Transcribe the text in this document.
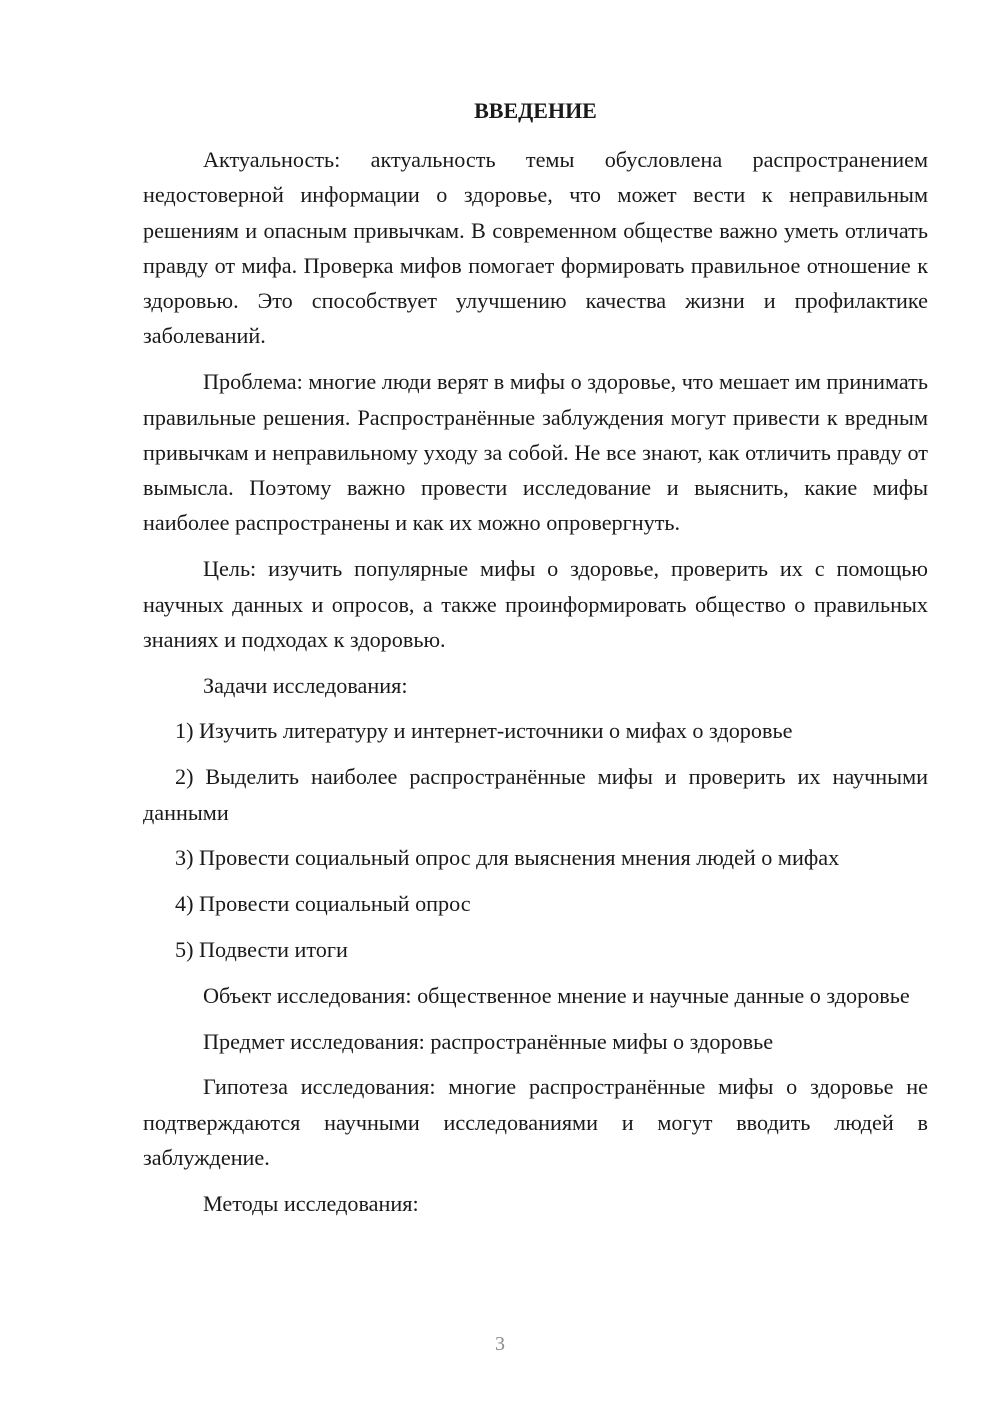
ВВЕДЕНИЕ

Актуальность: актуальность темы обусловлена распространением недостоверной информации о здоровье, что может вести к неправильным решениям и опасным привычкам. В современном обществе важно уметь отличать правду от мифа. Проверка мифов помогает формировать правильное отношение к здоровью. Это способствует улучшению качества жизни и профилактике заболеваний.

Проблема: многие люди верят в мифы о здоровье, что мешает им принимать правильные решения. Распространённые заблуждения могут привести к вредным привычкам и неправильному уходу за собой. Не все знают, как отличить правду от вымысла. Поэтому важно провести исследование и выяснить, какие мифы наиболее распространены и как их можно опровергнуть.

Цель: изучить популярные мифы о здоровье, проверить их с помощью научных данных и опросов, а также проинформировать общество о правильных знаниях и подходах к здоровью.

Задачи исследования:

1) Изучить литературу и интернет-источники о мифах о здоровье

2) Выделить наиболее распространённые мифы и проверить их научными данными

3) Провести социальный опрос для выяснения мнения людей о мифах

4) Провести социальный опрос

5) Подвести итоги

Объект исследования: общественное мнение и научные данные о здоровье

Предмет исследования: распространённые мифы о здоровье

Гипотеза исследования: многие распространённые мифы о здоровье не подтверждаются научными исследованиями и могут вводить людей в заблуждение.

Методы исследования:

3
